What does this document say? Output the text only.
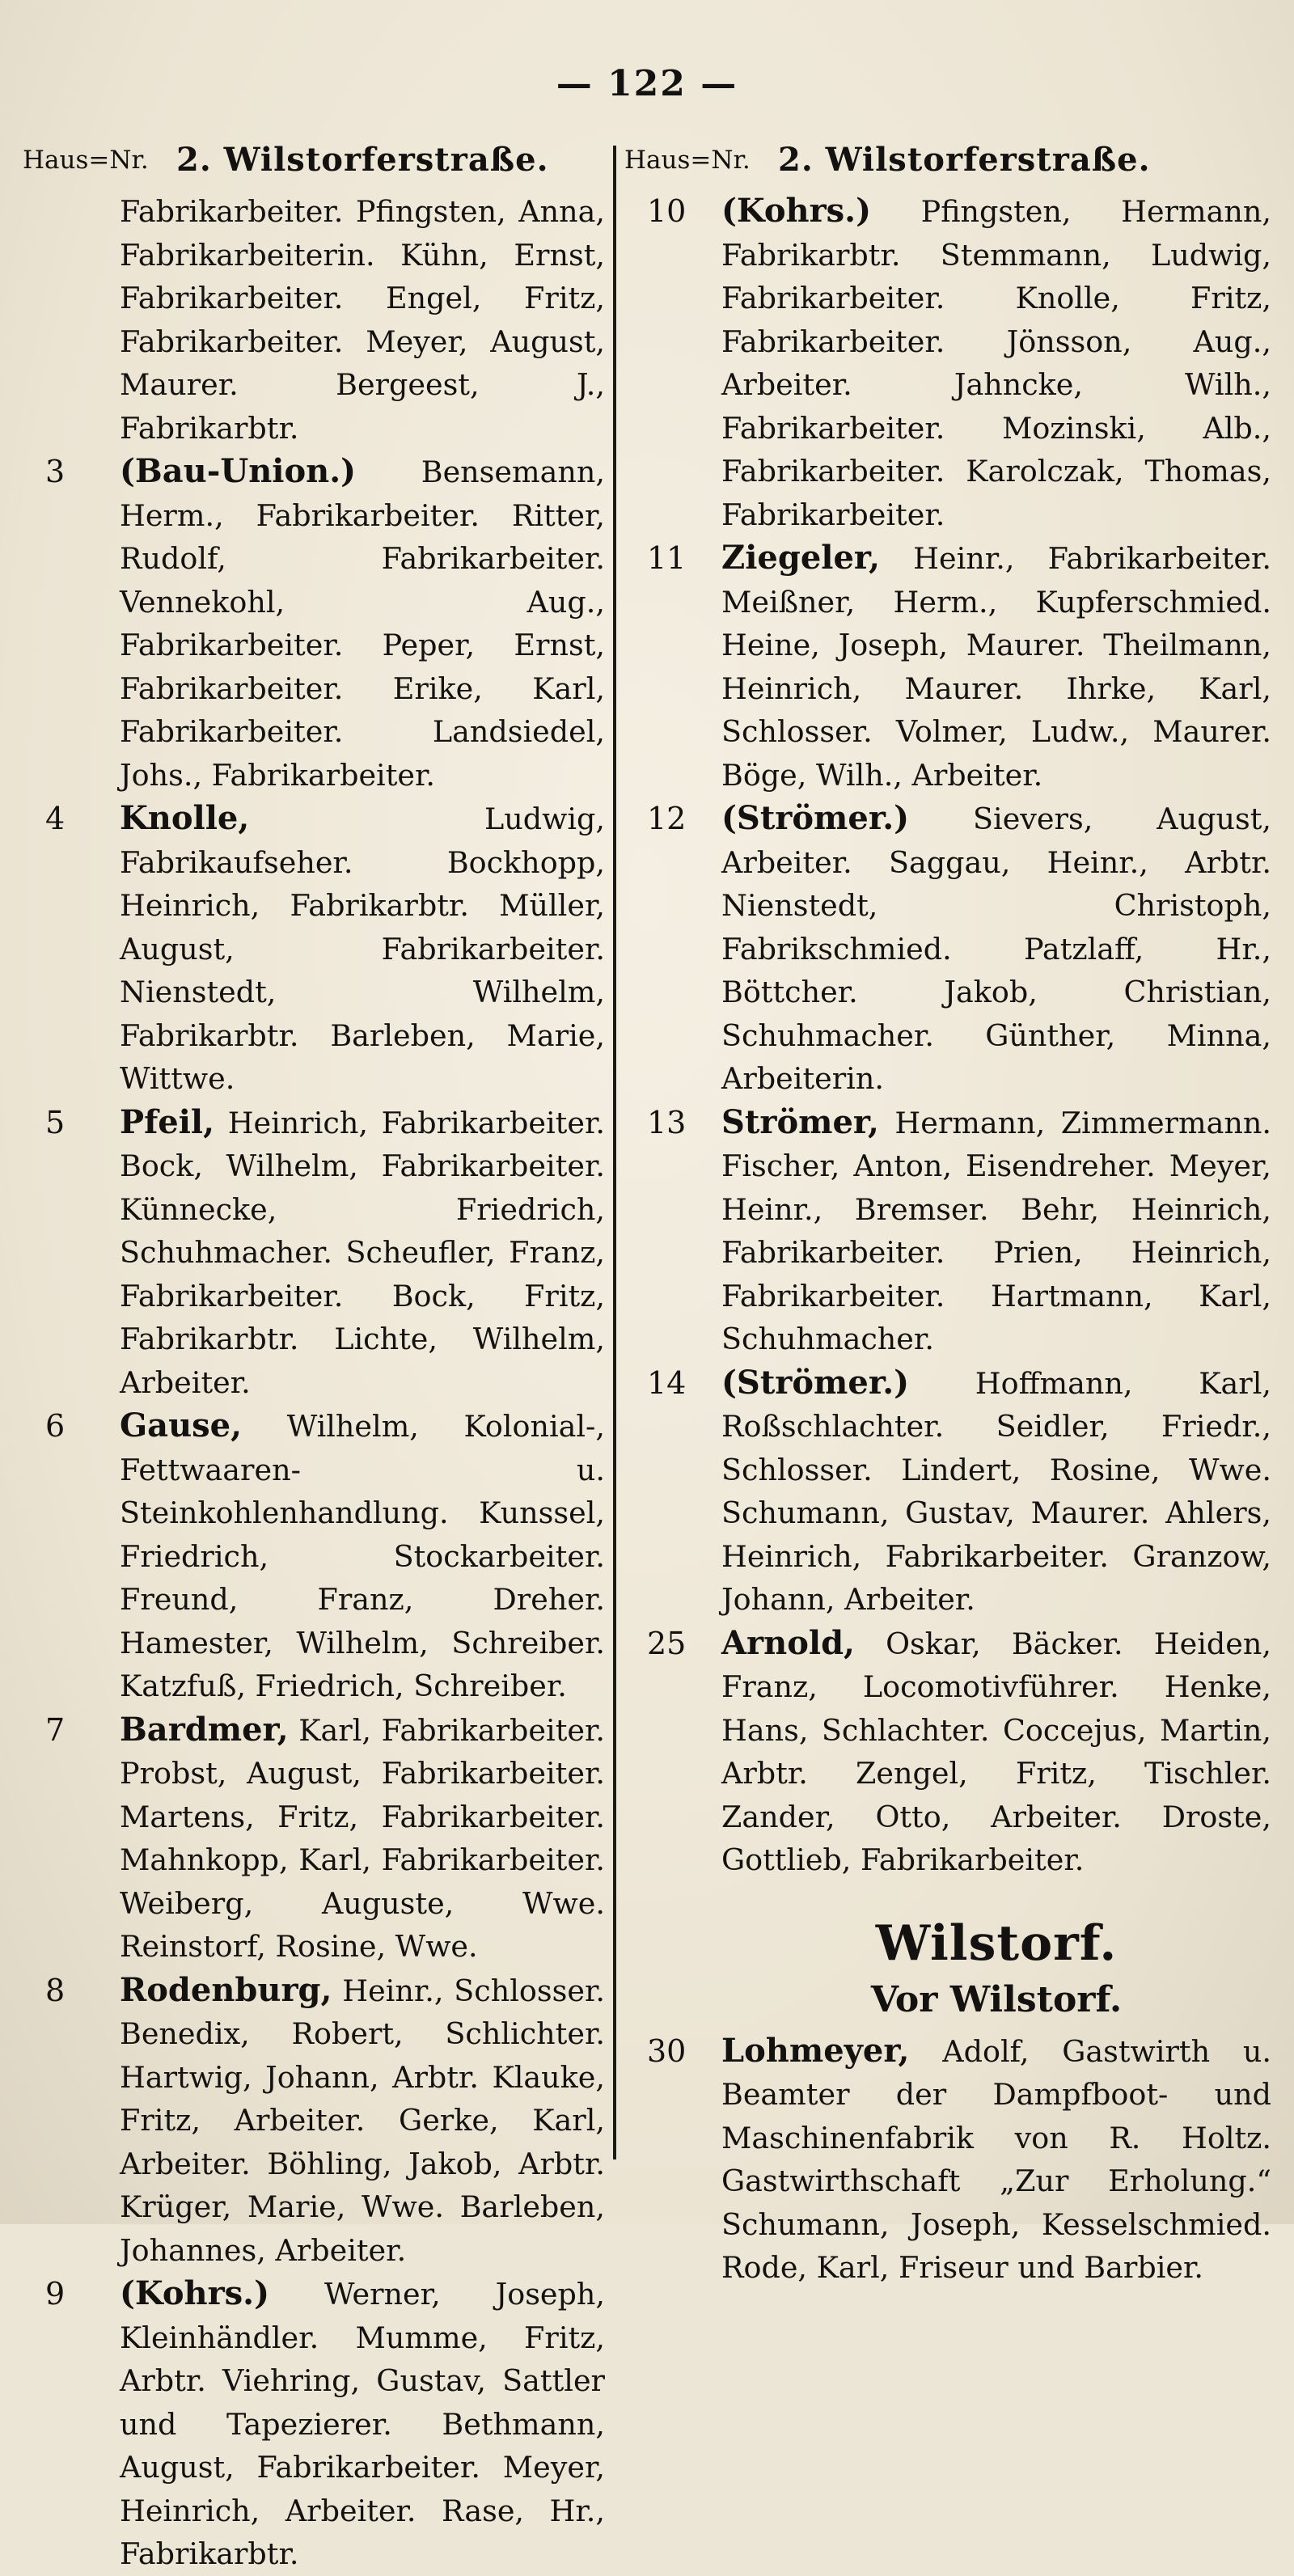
— 122 —
Haus=Nr. 2. Wilstorferstraße.
Fabrikarbeiter. Pfingsten, Anna, Fabrikarbeiterin. Kühn, Ernst, Fabrikarbeiter. Engel, Fritz, Fabrikarbeiter. Meyer, August, Maurer. Bergeest, J., Fabrikarbtr.
3	(Bau-Union.) Bensemann, Herm., Fabrikarbeiter. Ritter, Rudolf, Fabrikarbeiter. Vennekohl, Aug., Fabrikarbeiter. Peper, Ernst, Fabrikarbeiter. Erike, Karl, Fabrikarbeiter. Landsiedel, Johs., Fabrikarbeiter.
4	Knolle, Ludwig, Fabrikaufseher. Bockhopp, Heinrich, Fabrikarbtr. Müller, August, Fabrikarbeiter. Nienstedt, Wilhelm, Fabrikarbtr. Barleben, Marie, Wittwe.
5	Pfeil, Heinrich, Fabrikarbeiter. Bock, Wilhelm, Fabrikarbeiter. Künnecke, Friedrich, Schuhmacher. Scheufler, Franz, Fabrikarbeiter. Bock, Fritz, Fabrikarbtr. Lichte, Wilhelm, Arbeiter.
6	Gause, Wilhelm, Kolonial-, Fettwaaren- u. Steinkohlenhandlung. Kunssel, Friedrich, Stockarbeiter. Freund, Franz, Dreher. Hamester, Wilhelm, Schreiber. Katzfuß, Friedrich, Schreiber.
7	Bardmer, Karl, Fabrikarbeiter. Probst, August, Fabrikarbeiter. Martens, Fritz, Fabrikarbeiter. Mahnkopp, Karl, Fabrikarbeiter. Weiberg, Auguste, Wwe. Reinstorf, Rosine, Wwe.
8	Rodenburg, Heinr., Schlosser. Benedix, Robert, Schlichter. Hartwig, Johann, Arbtr. Klauke, Fritz, Arbeiter. Gerke, Karl, Arbeiter. Böhling, Jakob, Arbtr. Krüger, Marie, Wwe. Barleben, Johannes, Arbeiter.
9	(Kohrs.) Werner, Joseph, Kleinhändler. Mumme, Fritz, Arbtr. Viehring, Gustav, Sattler und Tapezierer. Bethmann, August, Fabrikarbeiter. Meyer, Heinrich, Arbeiter. Rase, Hr., Fabrikarbtr.
Haus=Nr. 2. Wilstorferstraße.
10	(Kohrs.) Pfingsten, Hermann, Fabrikarbtr. Stemmann, Ludwig, Fabrikarbeiter. Knolle, Fritz, Fabrikarbeiter. Jönsson, Aug., Arbeiter. Jahncke, Wilh., Fabrikarbeiter. Mozinski, Alb., Fabrikarbeiter. Karolczak, Thomas, Fabrikarbeiter.
11	Ziegeler, Heinr., Fabrikarbeiter. Meißner, Herm., Kupferschmied. Heine, Joseph, Maurer. Theilmann, Heinrich, Maurer. Ihrke, Karl, Schlosser. Volmer, Ludw., Maurer. Böge, Wilh., Arbeiter.
12	(Strömer.) Sievers, August, Arbeiter. Saggau, Heinr., Arbtr. Nienstedt, Christoph, Fabrikschmied. Patzlaff, Hr., Böttcher. Jakob, Christian, Schuhmacher. Günther, Minna, Arbeiterin.
13	Strömer, Hermann, Zimmermann. Fischer, Anton, Eisendreher. Meyer, Heinr., Bremser. Behr, Heinrich, Fabrikarbeiter. Prien, Heinrich, Fabrikarbeiter. Hartmann, Karl, Schuhmacher.
14	(Strömer.) Hoffmann, Karl, Roßschlachter. Seidler, Friedr., Schlosser. Lindert, Rosine, Wwe. Schumann, Gustav, Maurer. Ahlers, Heinrich, Fabrikarbeiter. Granzow, Johann, Arbeiter.
25	Arnold, Oskar, Bäcker. Heiden, Franz, Locomotivführer. Henke, Hans, Schlachter. Coccejus, Martin, Arbtr. Zengel, Fritz, Tischler. Zander, Otto, Arbeiter. Droste, Gottlieb, Fabrikarbeiter.
Wilstorf.
Vor Wilstorf.
30	Lohmeyer, Adolf, Gastwirth u. Beamter der Dampfboot- und Maschinenfabrik von R. Holtz. Gastwirthschaft „Zur Erholung.“ Schumann, Joseph, Kesselschmied. Rode, Karl, Friseur und Barbier.
